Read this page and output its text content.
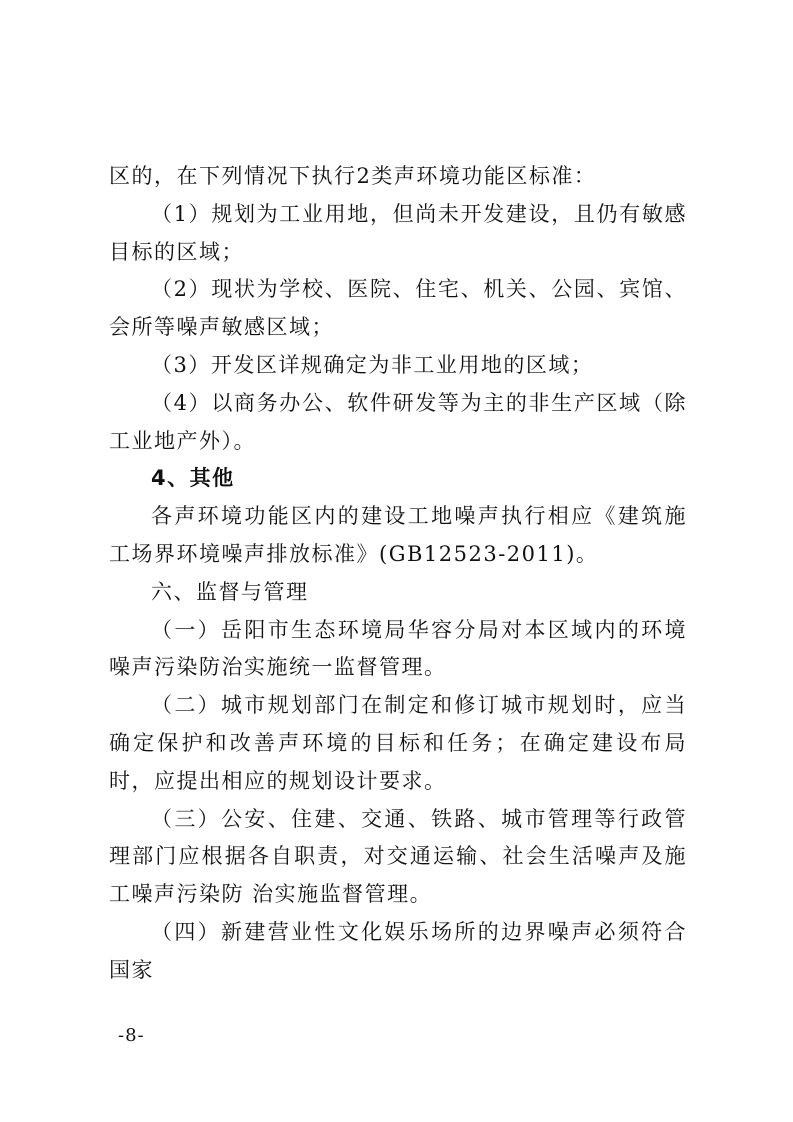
区的，在下列情况下执行2类声环境功能区标准：

（1）规划为工业用地，但尚未开发建设，且仍有敏感目标的区域；

（2）现状为学校、医院、住宅、机关、公园、宾馆、会所等噪声敏感区域；

（3）开发区详规确定为非工业用地的区域；

（4）以商务办公、软件研发等为主的非生产区域（除工业地产外）。

4、其他

各声环境功能区内的建设工地噪声执行相应《建筑施工场界环境噪声排放标准》(GB12523-2011)。

六、监督与管理

（一）岳阳市生态环境局华容分局对本区域内的环境噪声污染防治实施统一监督管理。

（二）城市规划部门在制定和修订城市规划时，应当确定保护和改善声环境的目标和任务；在确定建设布局时，应提出相应的规划设计要求。

（三）公安、住建、交通、铁路、城市管理等行政管理部门应根据各自职责，对交通运输、社会生活噪声及施工噪声污染防 治实施监督管理。

（四）新建营业性文化娱乐场所的边界噪声必须符合国家

-8-
